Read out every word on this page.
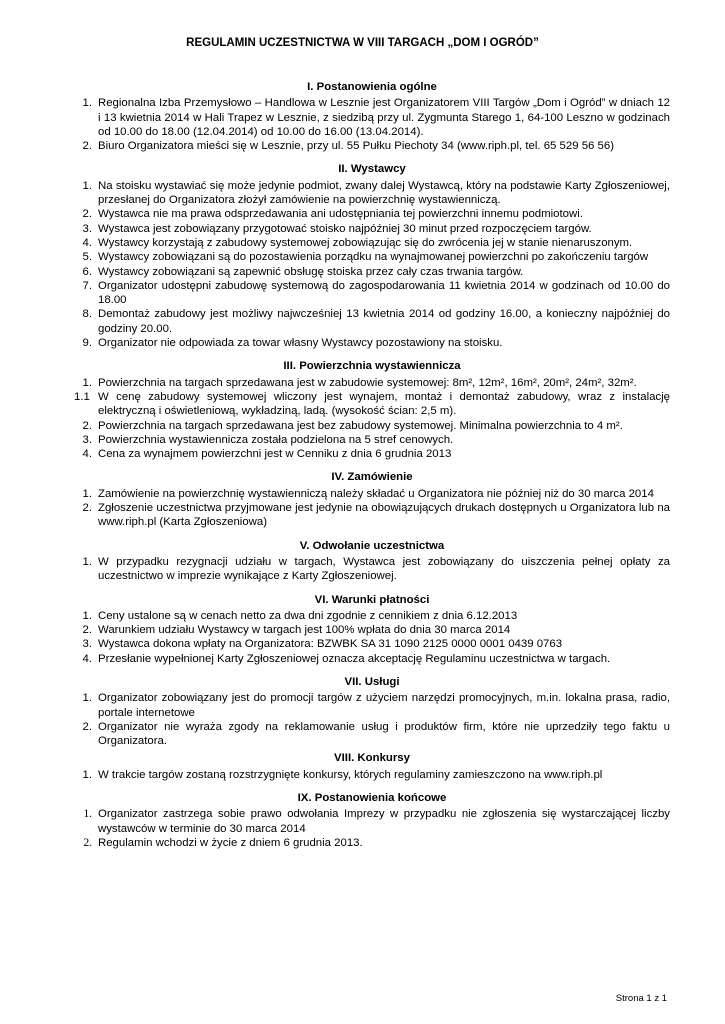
REGULAMIN UCZESTNICTWA W VIII TARGACH „DOM I OGRÓD”
I. Postanowienia ogólne
1. Regionalna Izba Przemysłowo – Handlowa w Lesznie jest Organizatorem VIII Targów „Dom i Ogród” w dniach 12 i 13 kwietnia 2014 w Hali Trapez w Lesznie, z siedzibą przy ul. Zygmunta Starego 1, 64-100 Leszno w godzinach od 10.00 do 18.00 (12.04.2014) od 10.00 do 16.00 (13.04.2014).
2. Biuro Organizatora mieści się w Lesznie, przy ul. 55 Pułku Piechoty 34 (www.riph.pl, tel. 65 529 56 56)
II. Wystawcy
1. Na stoisku wystawiać się może jedynie podmiot, zwany dalej Wystawcą, który na podstawie Karty Zgłoszeniowej, przesłanej do Organizatora złożył zamówienie na powierzchnię wystawienniczą.
2. Wystawca nie ma prawa odsprzedawania ani udostępniania tej powierzchni innemu podmiotowi.
3. Wystawca jest zobowiązany przygotować stoisko najpóźniej 30 minut przed rozpoczęciem targów.
4. Wystawcy korzystają z zabudowy systemowej zobowiązując się do zwrócenia jej w stanie nienaruszonym.
5. Wystawcy zobowiązani są do pozostawienia porządku na wynajmowanej powierzchni po zakończeniu targów
6. Wystawcy zobowiązani są zapewnić obsługę stoiska przez cały czas trwania targów.
7. Organizator udostępni zabudowę systemową do zagospodarowania 11 kwietnia 2014 w godzinach od 10.00 do 18.00
8. Demontaż zabudowy jest możliwy najwcześniej 13 kwietnia 2014 od godziny 16.00, a konieczny najpóźniej do godziny 20.00.
9. Organizator nie odpowiada za towar własny Wystawcy pozostawiony na stoisku.
III. Powierzchnia wystawiennicza
1. Powierzchnia na targach sprzedawana jest w zabudowie systemowej: 8m², 12m², 16m², 20m², 24m², 32m².
1.1 W cenę zabudowy systemowej wliczony jest wynajem, montaż i demontaż zabudowy, wraz z instalację elektryczną i oświetleniową, wykładziną, ladą. (wysokość ścian: 2,5 m).
2. Powierzchnia na targach sprzedawana jest bez zabudowy systemowej. Minimalna powierzchnia to 4 m².
3. Powierzchnia wystawiennicza została podzielona na 5 stref cenowych.
4. Cena za wynajmem powierzchni jest w Cenniku z dnia 6 grudnia 2013
IV. Zamówienie
1. Zamówienie na powierzchnię wystawienniczą należy składać u Organizatora nie później niż do 30 marca 2014
2. Zgłoszenie uczestnictwa przyjmowane jest jedynie na obowiązujących drukach dostępnych u Organizatora lub na www.riph.pl (Karta Zgłoszeniowa)
V. Odwołanie uczestnictwa
1. W przypadku rezygnacji udziału w targach, Wystawca jest zobowiązany do uiszczenia pełnej opłaty za uczestnictwo w imprezie wynikające z Karty Zgłoszeniowej.
VI. Warunki płatności
1. Ceny ustalone są w cenach netto za dwa dni zgodnie z cennikiem z dnia 6.12.2013
2. Warunkiem udziału Wystawcy w targach jest 100% wpłata do dnia 30 marca 2014
3. Wystawca dokona wpłaty na Organizatora: BZWBK SA 31 1090 2125 0000 0001 0439 0763
4. Przesłanie wypełnionej Karty Zgłoszeniowej oznacza akceptację Regulaminu uczestnictwa w targach.
VII. Usługi
1. Organizator zobowiązany jest do promocji targów z użyciem narzędzi promocyjnych, m.in. lokalna prasa, radio, portale internetowe
2. Organizator nie wyraża zgody na reklamowanie usług i produktów firm, które nie uprzedziły tego faktu u Organizatora.
VIII. Konkursy
1. W trakcie targów zostaną rozstrzygnięte konkursy, których regulaminy zamieszczono na www.riph.pl
IX. Postanowienia końcowe
1. Organizator zastrzega sobie prawo odwołania Imprezy w przypadku nie zgłoszenia się wystarczającej liczby wystawców w terminie do 30 marca 2014
2. Regulamin wchodzi w życie z dniem 6 grudnia 2013.
Strona 1 z 1
